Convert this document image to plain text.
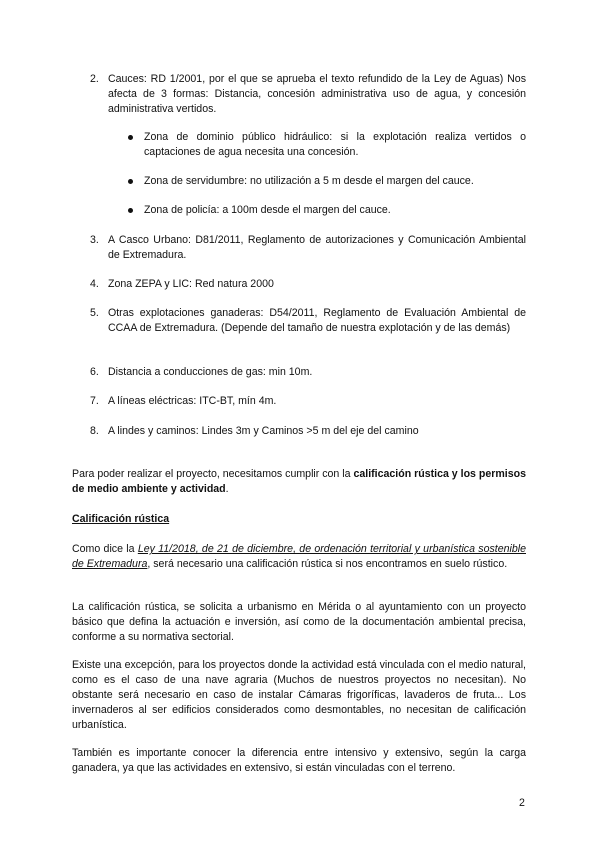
2. Cauces: RD 1/2001, por el que se aprueba el texto refundido de la Ley de Aguas) Nos afecta de 3 formas: Distancia, concesión administrativa uso de agua, y concesión administrativa vertidos.
Zona de dominio público hidráulico: si la explotación realiza vertidos o captaciones de agua necesita una concesión.
Zona de servidumbre: no utilización a 5 m desde el margen del cauce.
Zona de policía: a 100m desde el margen del cauce.
3. A Casco Urbano: D81/2011, Reglamento de autorizaciones y Comunicación Ambiental de Extremadura.
4. Zona ZEPA y LIC: Red natura 2000
5. Otras explotaciones ganaderas: D54/2011, Reglamento de Evaluación Ambiental de CCAA de Extremadura. (Depende del tamaño de nuestra explotación y de las demás)
6. Distancia a conducciones de gas: min 10m.
7. A líneas eléctricas: ITC-BT, mín 4m.
8. A lindes y caminos: Lindes 3m y Caminos >5 m del eje del camino
Para poder realizar el proyecto, necesitamos cumplir con la calificación rústica y los permisos de medio ambiente y actividad.
Calificación rústica
Como dice la Ley 11/2018, de 21 de diciembre, de ordenación territorial y urbanística sostenible de Extremadura, será necesario una calificación rústica si nos encontramos en suelo rústico.
La calificación rústica, se solicita a urbanismo en Mérida o al ayuntamiento con un proyecto básico que defina la actuación e inversión, así como de la documentación ambiental precisa, conforme a su normativa sectorial.
Existe una excepción, para los proyectos donde la actividad está vinculada con el medio natural, como es el caso de una nave agraria (Muchos de nuestros proyectos no necesitan). No obstante será necesario en caso de instalar Cámaras frigoríficas, lavaderos de fruta... Los invernaderos al ser edificios considerados como desmontables, no necesitan de calificación urbanística.
También es importante conocer la diferencia entre intensivo y extensivo, según la carga ganadera, ya que las actividades en extensivo, si están vinculadas con el terreno.
2
